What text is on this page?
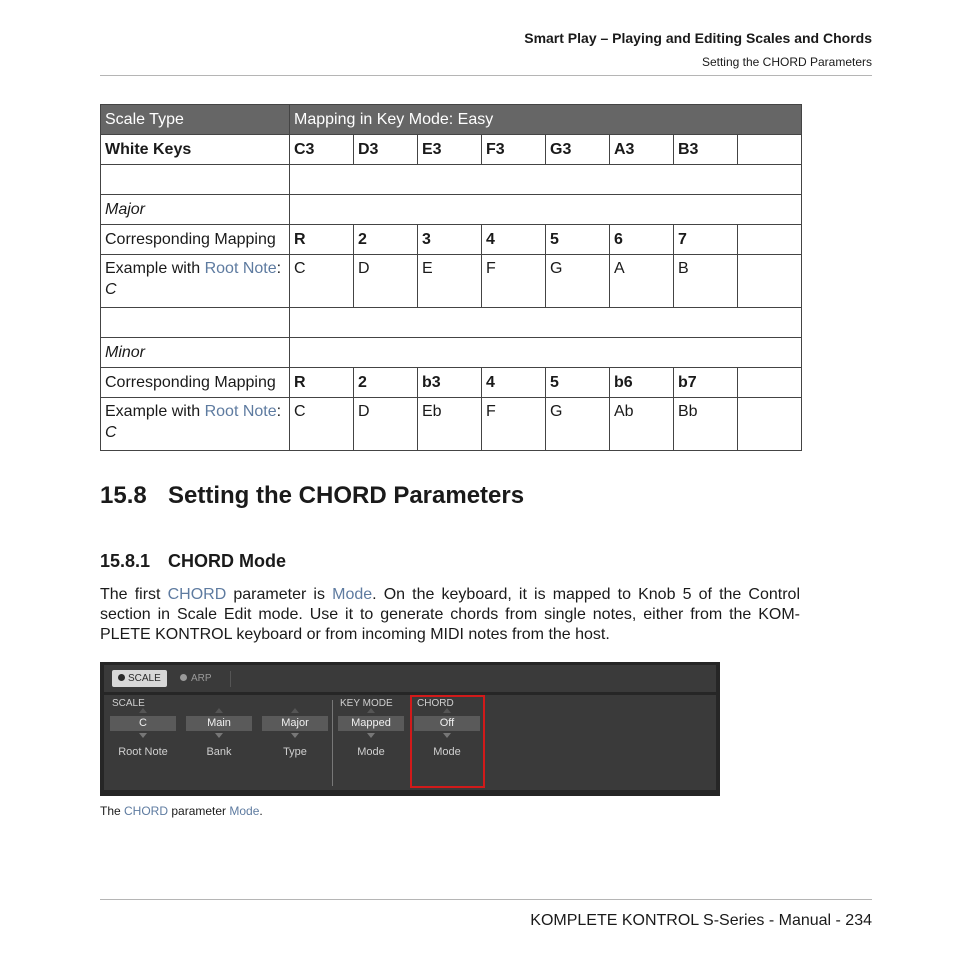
Smart Play – Playing and Editing Scales and Chords
Setting the CHORD Parameters
Scale Type	Mapping in Key Mode: Easy							
White Keys	C3	D3	E3	F3	G3	A3	B3	

Major								
Corresponding Mapping	R	2	3	4	5	6	7	
Example with Root Note: C	C	D	E	F	G	A	B	

Minor								
Corresponding Mapping	R	2	b3	4	5	b6	b7	
Example with Root Note: C	C	D	Eb	F	G	Ab	Bb	
15.8 Setting the CHORD Parameters
15.8.1 CHORD Mode

The first CHORD parameter is Mode. On the keyboard, it is mapped to Knob 5 of the Control section in Scale Edit mode. Use it to generate chords from single notes, either from the KOM-PLETE KONTROL keyboard or from incoming MIDI notes from the host.

SCALE	ARP
SCALE	KEY MODE CHORD
C
Root Note
Main
Bank
Major
Type
Mapped
Mode
Off
Mode
The CHORD parameter Mode.
KOMPLETE KONTROL S-Series - Manual - 234
